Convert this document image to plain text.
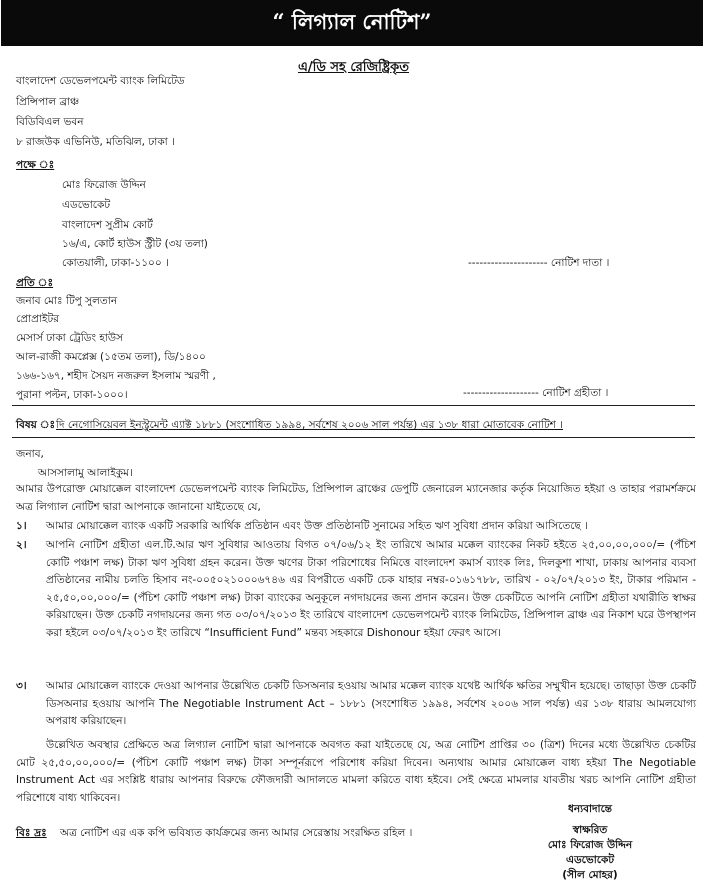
“ লিগ্যাল নোটিশ”
এ/ডি সহ রেজিষ্ট্রিকৃত
বাংলাদেশ ডেভেলপমেন্ট ব্যাংক লিমিটেড
প্রিন্সিপাল ব্রাঞ্চ
বিডিবিএল ভবন
৮ রাজউক এভিনিউ, মতিঝিল, ঢাকা ।
পক্ষে ঃ
মোঃ ফিরোজ উদ্দিন
এডভোকেট
বাংলাদেশ সুপ্রীম কোর্ট
১৬/এ, কোর্ট হাউস স্ট্রীট (৩য় তলা)
কোতয়ালী, ঢাকা-১১০০ ।	--------------------- নোটিশ দাতা ।
প্রতি ঃ
জনাব মোঃ টিপু সুলতান
প্রোপ্রাইটর
মেসার্স ঢাকা ট্রেডিং হাউস
আল-রাজী কমপ্লেক্স (১৫তম তলা), ডি/১৪০০
১৬৬-১৬৭, শহীদ সৈয়দ নজরুল ইসলাম স্মরণী ,
পুরানা পল্টন, ঢাকা-১০০০।	-------------------- নোটিশ গ্রহীতা ।
বিষয় ঃ দি নেগোসিয়েবল ইনস্ট্রুমেন্ট এ্যাক্ট ১৮৮১ (সংশোধিত ১৯৯৪, সর্বশেষ ২০০৬ সাল পর্যন্ত) এর ১৩৮ ধারা মোতাবেক নোটিশ ।
জনাব,
আসসালামু আলাইকুম।
আমার উপরোক্ত মোয়াক্কেল বাংলাদেশ ডেভেলপমেন্ট ব্যাংক লিমিটেড, প্রিন্সিপাল ব্রাঞ্চের ডেপুটি জেনারেল ম্যানেজার কর্তৃক নিয়োজিত হইয়া ও তাহার পরামর্শক্রমে অত্র লিগ্যাল নোটিশ দ্বারা আপনাকে জানানো যাইতেছে যে,
১।	আমার মোয়াক্কেল ব্যাংক একটি সরকারি আর্থিক প্রতিষ্ঠান এবং উক্ত প্রতিষ্ঠানটি সুনামের সহিত ঋণ সুবিধা প্রদান করিয়া আসিতেছে ।
২।	আপনি নোটিশ গ্রহীতা এল.টি.আর ঋণ সুবিধার আওতায় বিগত ০৭/০৬/১২ ইং তারিখে আমার মক্কেল ব্যাংকের নিকট হইতে ২৫,০০,০০,০০০/= (পঁচিশ কোটি পঞ্চাশ লক্ষ) টাকা ঋণ সুবিধা গ্রহন করেন। উক্ত ঋণের টাকা পরিশোধের নিমিত্তে বাংলাদেশ কমার্স ব্যাংক লিঃ, দিলকুশা শাখা, ঢাকায় আপনার ব্যবসা প্রতিষ্ঠানের নামীয় চলতি হিসাব নং-০০৫০২১০০০৬৭৪৬ এর বিপরীতে একটি চেক যাহার নম্বর-০১৬১৭৮৮, তারিখ - ০২/০৭/২০১৩ ইং, টাকার পরিমান - ২৫,৫০,০০,০০০/= (পঁচিশ কোটি পঞ্চাশ লক্ষ) টাকা ব্যাংকের অনুকূলে নগদায়নের জন্য প্রদান করেন। উক্ত চেকটিতে আপনি নোটিশ গ্রহীতা যথারীতি স্বাক্ষর করিয়াছেন। উক্ত চেকটি নগদায়নের জন্য গত ০৩/০৭/২০১৩ ইং তারিখে বাংলাদেশ ডেভেলপমেন্ট ব্যাংক লিমিটেড, প্রিন্সিপাল ব্রাঞ্চ এর নিকাশ ঘরে উপস্থাপন করা হইলে ০৩/০৭/২০১৩ ইং তারিখে “Insufficient Fund” মন্তব্য সহকারে Dishonour হইয়া ফেরৎ আসে।
৩।	আমার মোয়াক্কেল ব্যাংকে দেওয়া আপনার উল্লেখিত চেকটি ডিসঅনার হওয়ায় আমার মক্কেল ব্যাংক যথেষ্ট আর্থিক ক্ষতির সম্মুখীন হয়েছে। তাছাড়া উক্ত চেকটি ডিসঅনার হওয়ায় আপনি The Negotiable Instrument Act – ১৮৮১ (সংশোধিত ১৯৯৪, সর্বশেষ ২০০৬ সাল পর্যন্ত) এর ১৩৮ ধারায় আমলযোগ্য অপরাধ করিয়াছেন।
উল্লেখিত অবস্থার প্রেক্ষিতে অত্র লিগ্যাল নোটিশ দ্বারা আপনাকে অবগত করা যাইতেছে যে, অত্র নোটিশ প্রাপ্তির ৩০ (ত্রিশ) দিনের মধ্যে উল্লেখিত চেকটির মোট ২৫,৫০,০০,০০০/= (পঁচিশ কোটি পঞ্চাশ লক্ষ) টাকা সম্পূর্নরূপে পরিশোধ করিয়া দিবেন। অন্যথায় আমার মোয়াক্কেল বাধ্য হইয়া The Negotiable Instrument Act এর সংশ্লিষ্ট ধারায় আপনার বিরুদ্ধে ফৌজদারী আদালতে মামলা করিতে বাধ্য হইবে। সেই ক্ষেত্রে মামলার যাবতীয় খরচ আপনি নোটিশ গ্রহীতা পরিশোধে বাধ্য থাকিবেন।
বিঃ দ্রঃ অত্র নোটিশ এর এক কপি ভবিষ্যত কার্যক্রমের জন্য আমার সেরেস্তায় সংরক্ষিত রহিল ।
ধন্যবাদান্তে
স্বাক্ষরিত
মোঃ ফিরোজ উদ্দিন
এডভোকেট
(সীল মোহর)
